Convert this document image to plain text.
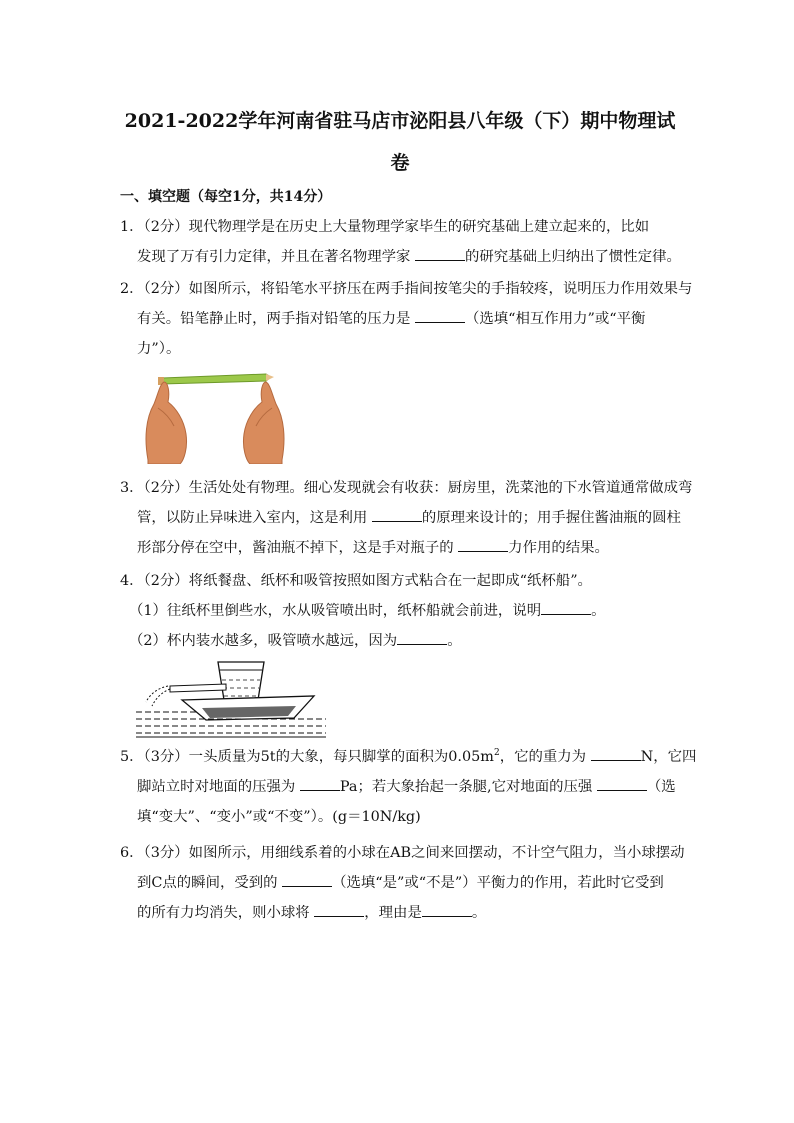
2021-2022学年河南省驻马店市泌阳县八年级（下）期中物理试
卷
一、填空题（每空1分，共14分）
1．（2分）现代物理学是在历史上大量物理学家毕生的研究基础上建立起来的，比如
发现了万有引力定律，并且在著名物理学家	的研究基础上归纳出了惯性定律。
2．（2分）如图所示，将铅笔水平挤压在两手指间按笔尖的手指较疼，说明压力作用效果与
有关。铅笔静止时，两手指对铅笔的压力是	（选填“相互作用力”或“平衡
力”）。
3．（2分）生活处处有物理。细心发现就会有收获：厨房里，洗菜池的下水管道通常做成弯
管，以防止异味进入室内，这是利用	的原理来设计的；用手握住酱油瓶的圆柱
形部分停在空中，酱油瓶不掉下，这是手对瓶子的	力作用的结果。
4．（2分）将纸餐盘、纸杯和吸管按照如图方式粘合在一起即成“纸杯船”。
（1）往纸杯里倒些水，水从吸管喷出时，纸杯船就会前进，说明	。
（2）杯内装水越多，吸管喷水越远，因为	。
5．（3分）一头质量为5t的大象，每只脚掌的面积为$0.05m^2$，它的重力为	N，它四
脚站立时对地面的压强为	Pa；若大象抬起一条腿,它对地面的压强	（选
填“变大”、“变小”或“不变”）。(g＝10N/kg)
6．（3分）如图所示，用细线系着的小球在AB之间来回摆动，不计空气阻力，当小球摆动
到C点的瞬间，受到的	（选填“是”或“不是”）平衡力的作用，若此时它受到
的所有力均消失，则小球将	，理由是	。
